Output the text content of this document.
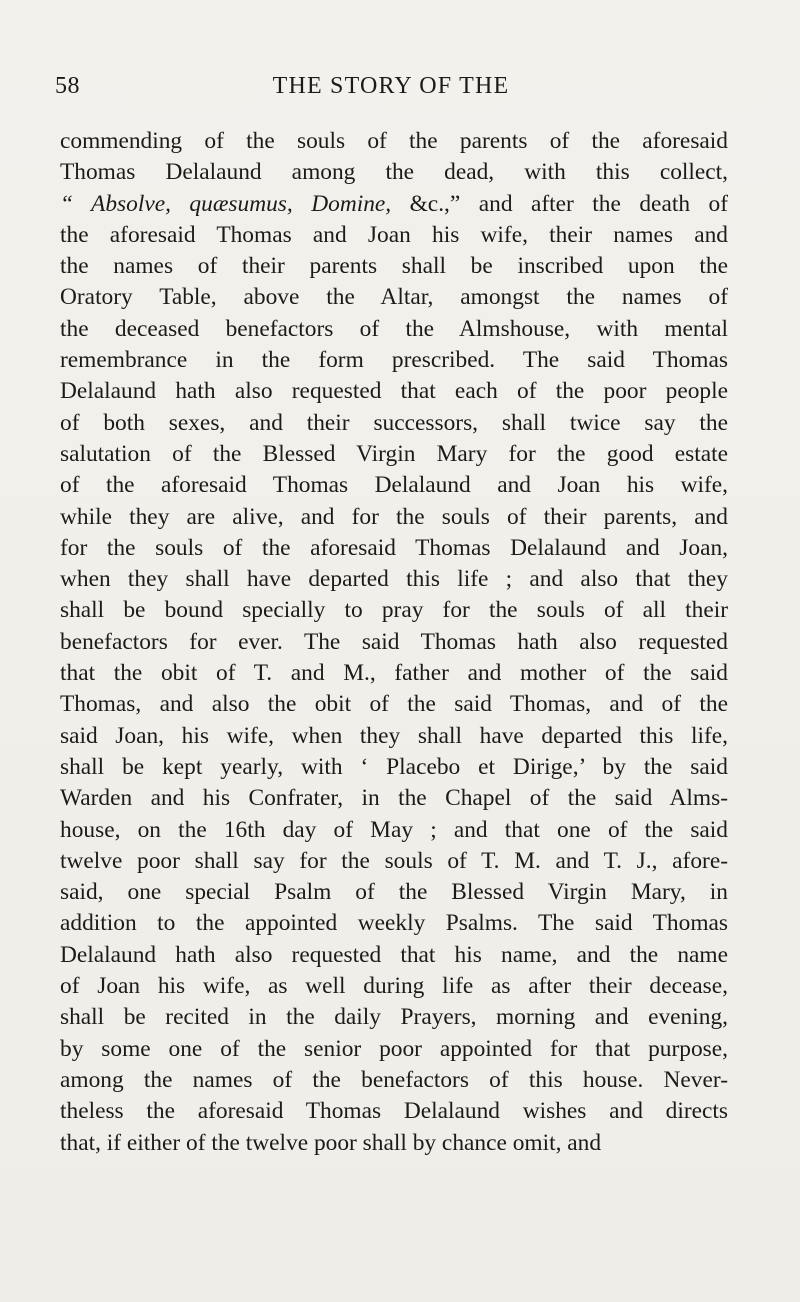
58	THE STORY OF THE
commending of the souls of the parents of the aforesaid
Thomas Delalaund among the dead, with this collect,
“ Absolve, quæsumus, Domine, &c.,” and after the death of
the aforesaid Thomas and Joan his wife, their names and
the names of their parents shall be inscribed upon the
Oratory Table, above the Altar, amongst the names of
the deceased benefactors of the Almshouse, with mental
remembrance in the form prescribed. The said Thomas
Delalaund hath also requested that each of the poor people
of both sexes, and their successors, shall twice say the
salutation of the Blessed Virgin Mary for the good estate
of the aforesaid Thomas Delalaund and Joan his wife,
while they are alive, and for the souls of their parents, and
for the souls of the aforesaid Thomas Delalaund and Joan,
when they shall have departed this life ; and also that they
shall be bound specially to pray for the souls of all their
benefactors for ever. The said Thomas hath also requested
that the obit of T. and M., father and mother of the said
Thomas, and also the obit of the said Thomas, and of the
said Joan, his wife, when they shall have departed this life,
shall be kept yearly, with ‘ Placebo et Dirige,’ by the said
Warden and his Confrater, in the Chapel of the said Alms-
house, on the 16th day of May ; and that one of the said
twelve poor shall say for the souls of T. M. and T. J., afore-
said, one special Psalm of the Blessed Virgin Mary, in
addition to the appointed weekly Psalms. The said Thomas
Delalaund hath also requested that his name, and the name
of Joan his wife, as well during life as after their decease,
shall be recited in the daily Prayers, morning and evening,
by some one of the senior poor appointed for that purpose,
among the names of the benefactors of this house. Never-
theless the aforesaid Thomas Delalaund wishes and directs
that, if either of the twelve poor shall by chance omit, and
